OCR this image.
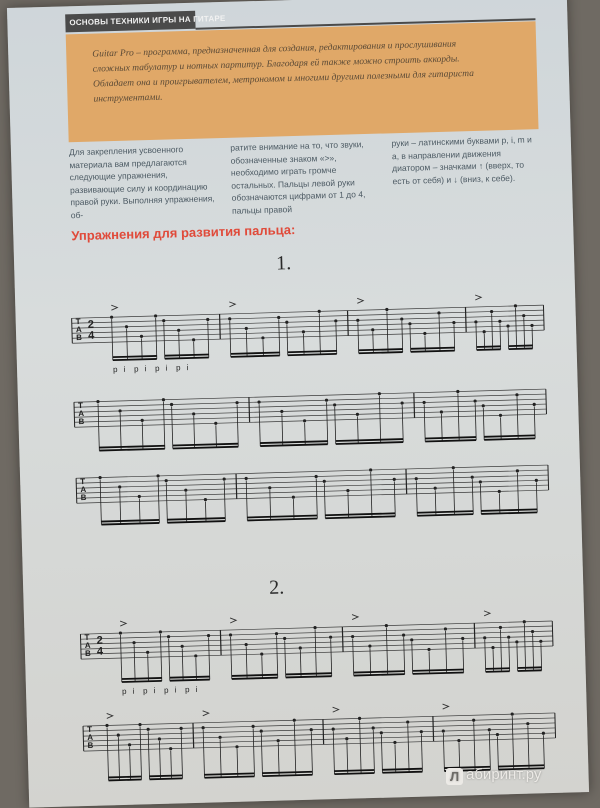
ОСНОВЫ ТЕХНИКИ ИГРЫ НА ГИТАРЕ
Guitar Pro – программа, предназначенная для создания, редактирования и прослушивания
сложных табулатур и нотных партитур. Благодаря ей также можно строить аккорды.
Обладает она и проигрывателем, метрономом и многими другими полезными для гитариста
инструментами.
Для закрепления усвоенного материала вам предлагаются следующие упражнения, развивающие силу и координацию правой руки. Выполняя упражнения, об-
ратите внимание на то, что звуки, обозначенные знаком «>», необходимо играть громче остальных. Пальцы левой руки обозначаются цифрами от 1 до 4, пальцы правой
руки – латинскими буквами p, i, m и a, в направлении движения диатором – значками ↑ (вверх, то есть от себя) и ↓ (вниз, к себе).
Упражнения для развития пальца:
1.
T
A
B
2
4
p i p i p i p i
T
A
B
T
A
B
2.
T
A
B
2
4
p i p i p i p i
T
A
B
Л абиринт.ру
